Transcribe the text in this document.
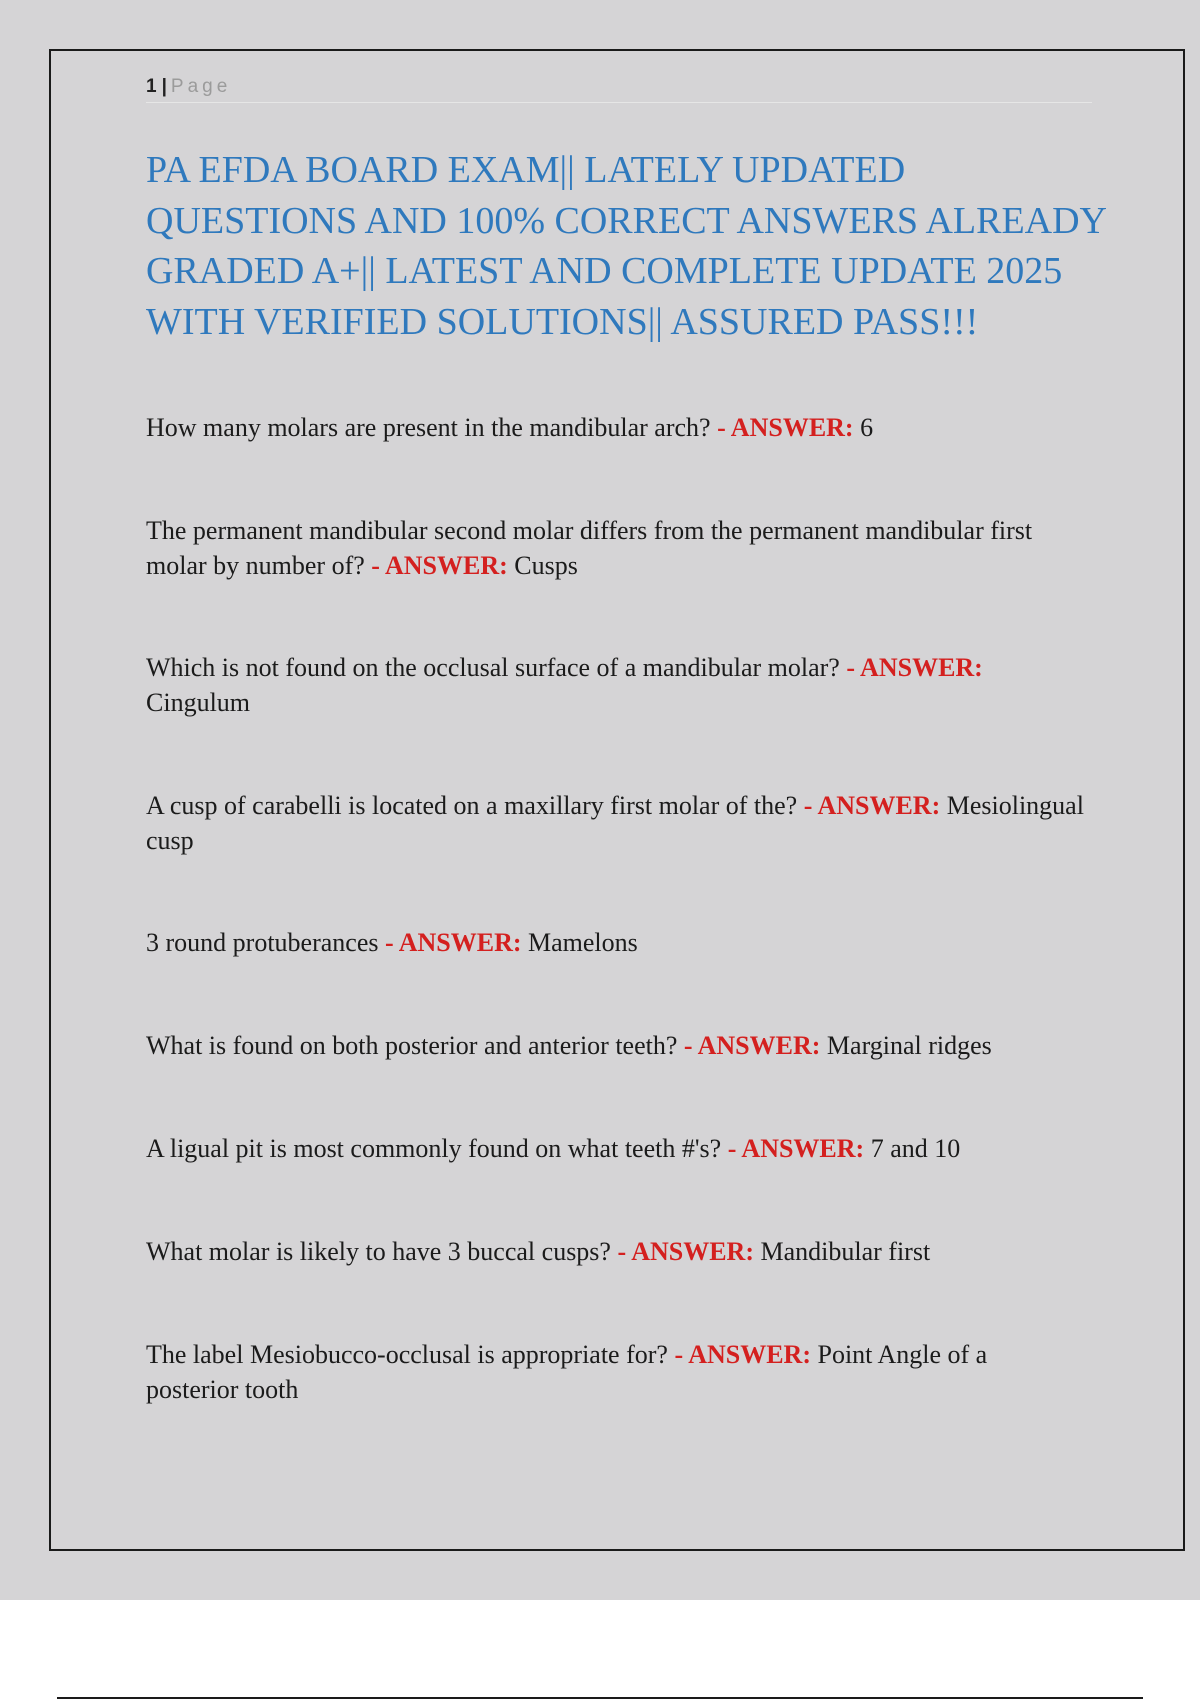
1 | Page
PA EFDA BOARD EXAM|| LATELY UPDATED QUESTIONS AND 100% CORRECT ANSWERS ALREADY GRADED A+|| LATEST AND COMPLETE UPDATE 2025 WITH VERIFIED SOLUTIONS|| ASSURED PASS!!!

How many molars are present in the mandibular arch? - ANSWER: 6

The permanent mandibular second molar differs from the permanent mandibular first molar by number of? - ANSWER: Cusps

Which is not found on the occlusal surface of a mandibular molar? - ANSWER: Cingulum

A cusp of carabelli is located on a maxillary first molar of the? - ANSWER: Mesiolingual cusp

3 round protuberances - ANSWER: Mamelons

What is found on both posterior and anterior teeth? - ANSWER: Marginal ridges

A ligual pit is most commonly found on what teeth #'s? - ANSWER: 7 and 10

What molar is likely to have 3 buccal cusps? - ANSWER: Mandibular first

The label Mesiobucco-occlusal is appropriate for? - ANSWER: Point Angle of a posterior tooth
